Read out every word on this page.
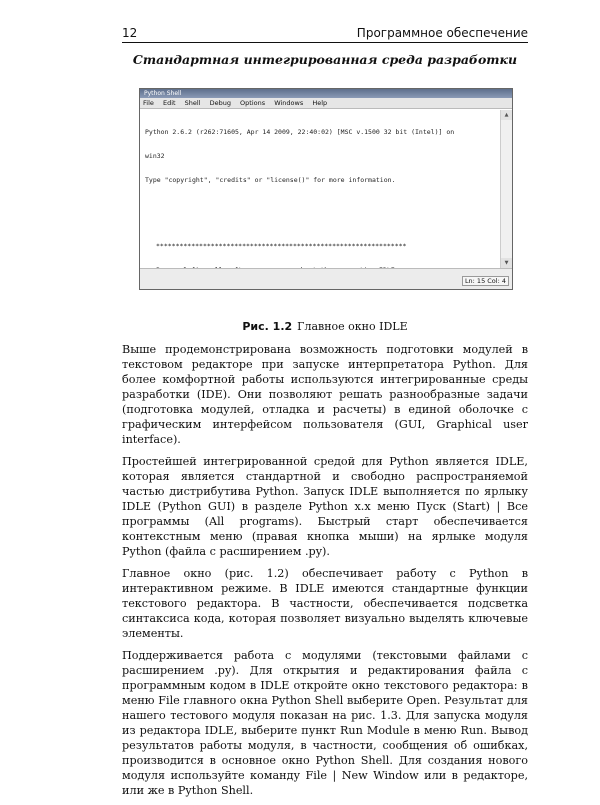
12	Программное обеспечение
Стандартная интегрированная среда разработки
Python Shell
File Edit Shell Debug Options Windows Help

Python 2.6.2 (r262:71605, Apr 14 2009, 22:40:02) [MSC v.1500 32 bit (Intel)] on

win32

Type "copyright", "credits" or "license()" for more information.

****************************************************************

▲
▼
Ln: 15 Col: 4
Рис. 1.2 Главное окно IDLE

Выше продемонстрирована возможность подготовки модулей в текстовом редакторе при запуске интерпретатора Python. Для более комфортной работы используются интегрированные среды разработки (IDE). Они позволяют решать разнообразные задачи (подготовка модулей, отладка и расчеты) в единой оболочке с графическим интерфейсом пользователя (GUI, Graphical user interface).

Простейшей интегрированной средой для Python является IDLE, которая является стандартной и свободно распространяемой частью дистрибутива Python. Запуск IDLE выполняется по ярлыку IDLE (Python GUI) в разделе Python x.x меню Пуск (Start) | Все программы (All programs). Быстрый старт обеспечивается контекстным меню (правая кнопка мыши) на ярлыке модуля Python (файла с расширением .py).

Главное окно (рис. 1.2) обеспечивает работу с Python в интерактивном режиме. В IDLE имеются стандартные функции текстового редактора. В частности, обеспечивается подсветка синтаксиса кода, которая позволяет визуально выделять ключевые элементы.

Поддерживается работа с модулями (текстовыми файлами с расширением .py). Для открытия и редактирования файла с программным кодом в IDLE откройте окно текстового редактора: в меню File главного окна Python Shell выберите Open. Результат для нашего тестового модуля показан на рис. 1.3. Для запуска модуля из редактора IDLE, выберите пункт Run Module в меню Run. Вывод результатов работы модуля, в частности, сообщения об ошибках, производится в основное окно Python Shell. Для создания нового модуля используйте команду File | New Window или в редакторе, или же в Python Shell.
